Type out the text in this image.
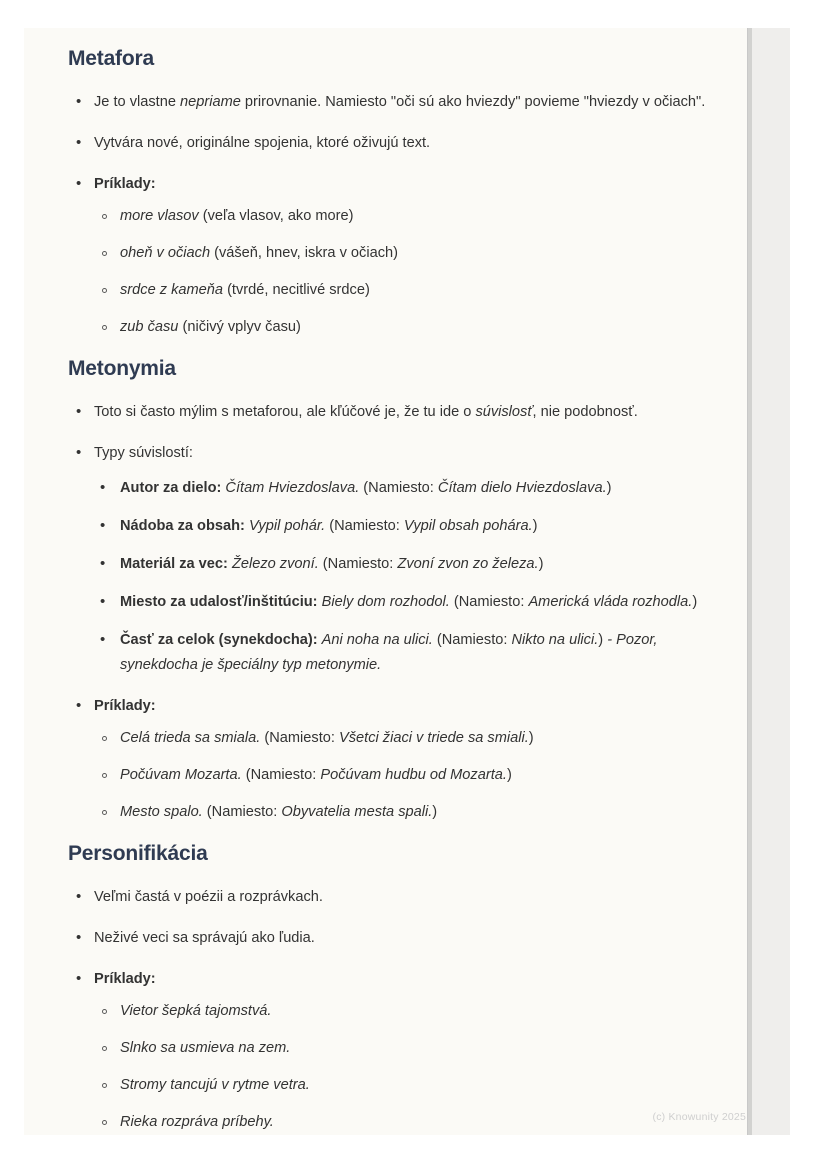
Metafora
• Je to vlastne nepriame prirovnanie. Namiesto "oči sú ako hviezdy" povieme "hviezdy v očiach".
• Vytvára nové, originálne spojenia, ktoré oživujú text.
• Príklady:
more vlasov (veľa vlasov, ako more)
oheň v očiach (vášeň, hnev, iskra v očiach)
srdce z kameňa (tvrdé, necitlivé srdce)
zub času (ničivý vplyv času)
Metonymia
• Toto si často mýlim s metaforou, ale kľúčové je, že tu ide o súvislosť, nie podobnosť.
• Typy súvislostí:
• Autor za dielo: Čítam Hviezdoslava. (Namiesto: Čítam dielo Hviezdoslava.)
• Nádoba za obsah: Vypil pohár. (Namiesto: Vypil obsah pohára.)
• Materiál za vec: Železo zvoní. (Namiesto: Zvoní zvon zo železa.)
• Miesto za udalosť/inštitúciu: Biely dom rozhodol. (Namiesto: Americká vláda rozhodla.)
• Časť za celok (synekdocha): Ani noha na ulici. (Namiesto: Nikto na ulici.) - Pozor, synekdocha je špeciálny typ metonymie.
• Príklady:
Celá trieda sa smiala. (Namiesto: Všetci žiaci v triede sa smiali.)
Počúvam Mozarta. (Namiesto: Počúvam hudbu od Mozarta.)
Mesto spalo. (Namiesto: Obyvatelia mesta spali.)
Personifikácia
• Veľmi častá v poézii a rozprávkach.
• Neživé veci sa správajú ako ľudia.
• Príklady:
Vietor šepká tajomstvá.
Slnko sa usmieva na zem.
Stromy tancujú v rytme vetra.
Rieka rozpráva príbehy.	(c) Knowunity 2025
